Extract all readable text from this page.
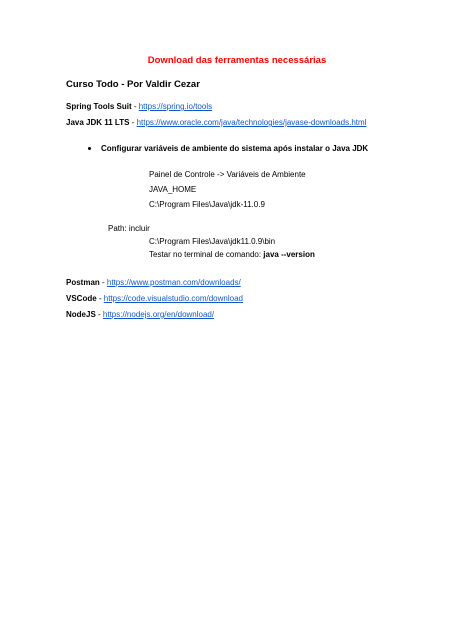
Download das ferramentas necessárias
Curso Todo - Por Valdir Cezar
Spring Tools Suit - https://spring.io/tools
Java JDK 11 LTS - https://www.oracle.com/java/technologies/javase-downloads.html
Configurar variáveis de ambiente do sistema após instalar o Java JDK
Painel de Controle -> Variáveis de Ambiente
JAVA_HOME
C:\Program Files\Java\jdk-11.0.9
Path: incluir
C:\Program Files\Java\jdk11.0.9\bin
Testar no terminal de comando: java --version
Postman - https://www.postman.com/downloads/
VSCode - https://code.visualstudio.com/download
NodeJS - https://nodejs.org/en/download/
